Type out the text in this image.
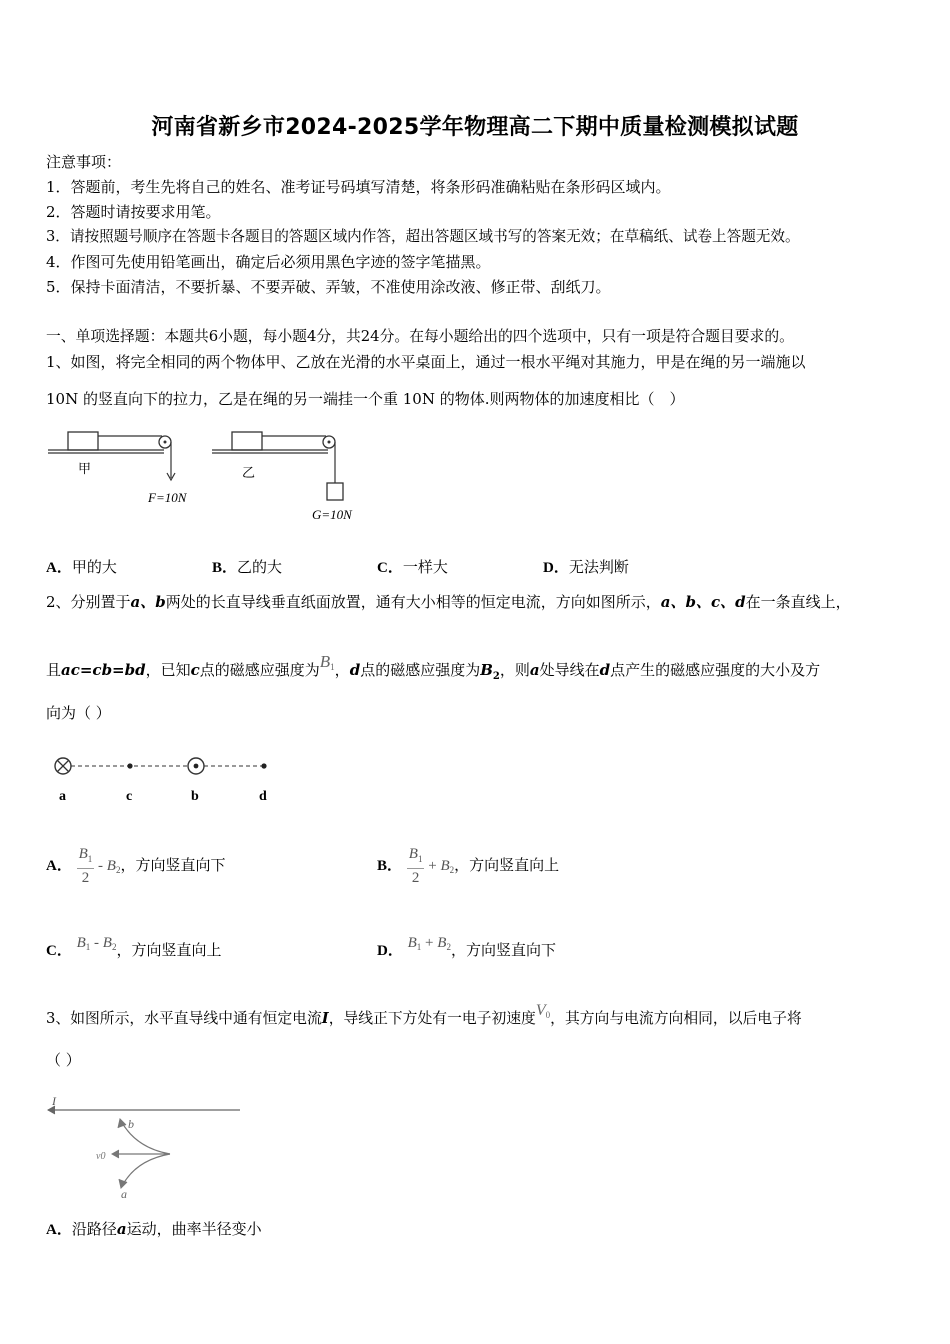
河南省新乡市2024-2025学年物理高二下期中质量检测模拟试题
注意事项：
1．答题前，考生先将自己的姓名、准考证号码填写清楚，将条形码准确粘贴在条形码区域内。
2．答题时请按要求用笔。
3．请按照题号顺序在答题卡各题目的答题区域内作答，超出答题区域书写的答案无效；在草稿纸、试卷上答题无效。
4．作图可先使用铅笔画出，确定后必须用黑色字迹的签字笔描黑。
5．保持卡面清洁，不要折暴、不要弄破、弄皱，不准使用涂改液、修正带、刮纸刀。
一、单项选择题：本题共6小题，每小题4分，共24分。在每小题给出的四个选项中，只有一项是符合题目要求的。
1、如图，将完全相同的两个物体甲、乙放在光滑的水平桌面上，通过一根水平绳对其施力，甲是在绳的另一端施以
10N 的竖直向下的拉力，乙是在绳的另一端挂一个重 10N 的物体.则两物体的加速度相比（　）
甲
F=10N
乙
G=10N
A．甲的大	B．乙的大	C．一样大	D．无法判断
2、分别置于a、b两处的长直导线垂直纸面放置，通有大小相等的恒定电流，方向如图所示，a、b、c、d在一条直线上，
且ac=cb=bd，已知c点的磁感应强度为$B_1$，d点的磁感应强度为$B_2$，则a处导线在d点产生的磁感应强度的大小及方
向为（ ）
a	c	b	d
A． $\frac{B_1}{2} - B_2$，方向竖直向下	B． $\frac{B_1}{2} + B_2$，方向竖直向上
C． $B_1 - B_2$，方向竖直向上	D． $B_1 + B_2$，方向竖直向下
3、如图所示，水平直导线中通有恒定电流I，导线正下方处有一电子初速度$V_0$，其方向与电流方向相同，以后电子将
（ ）
I
v0
b
a
A．沿路径a运动，曲率半径变小
